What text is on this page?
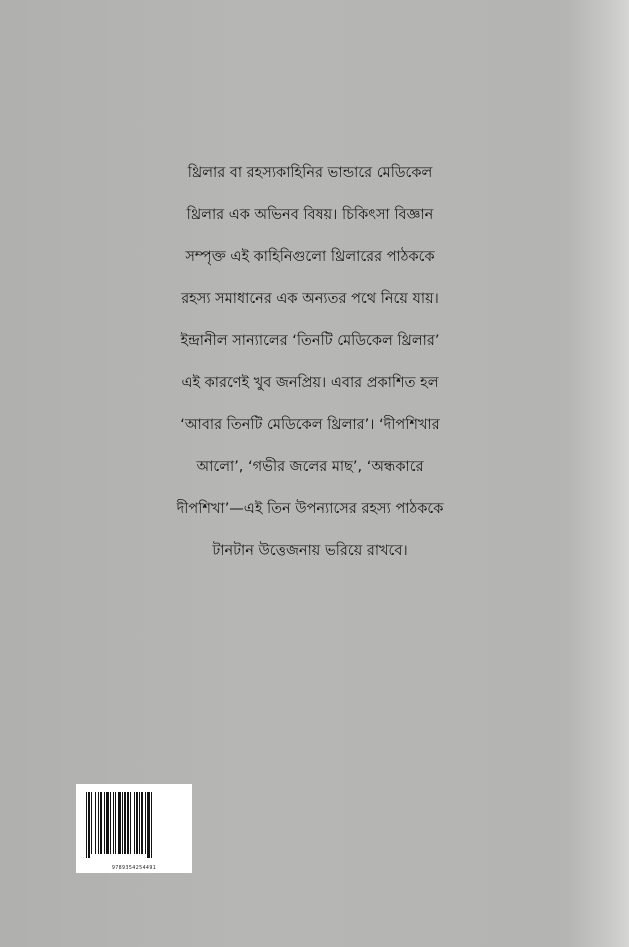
থ্রিলার বা রহস্যকাহিনির ভান্ডারে মেডিকেল
থ্রিলার এক অভিনব বিষয়। চিকিৎসা বিজ্ঞান
সম্পৃক্ত এই কাহিনিগুলো থ্রিলারের পাঠককে
রহস্য সমাধানের এক অন্যতর পথে নিয়ে যায়।
ইন্দ্রানীল সান্যালের ‘তিনটি মেডিকেল থ্রিলার’
এই কারণেই খুব জনপ্রিয়। এবার প্রকাশিত হল
‘আবার তিনটি মেডিকেল থ্রিলার’। ‘দীপশিখার
আলো’, ‘গভীর জলের মাছ’, ‘অন্ধকারে
দীপশিখা’—এই তিন উপন্যাসের রহস্য পাঠককে
টানটান উত্তেজনায় ভরিয়ে রাখবে।
9789354254491
